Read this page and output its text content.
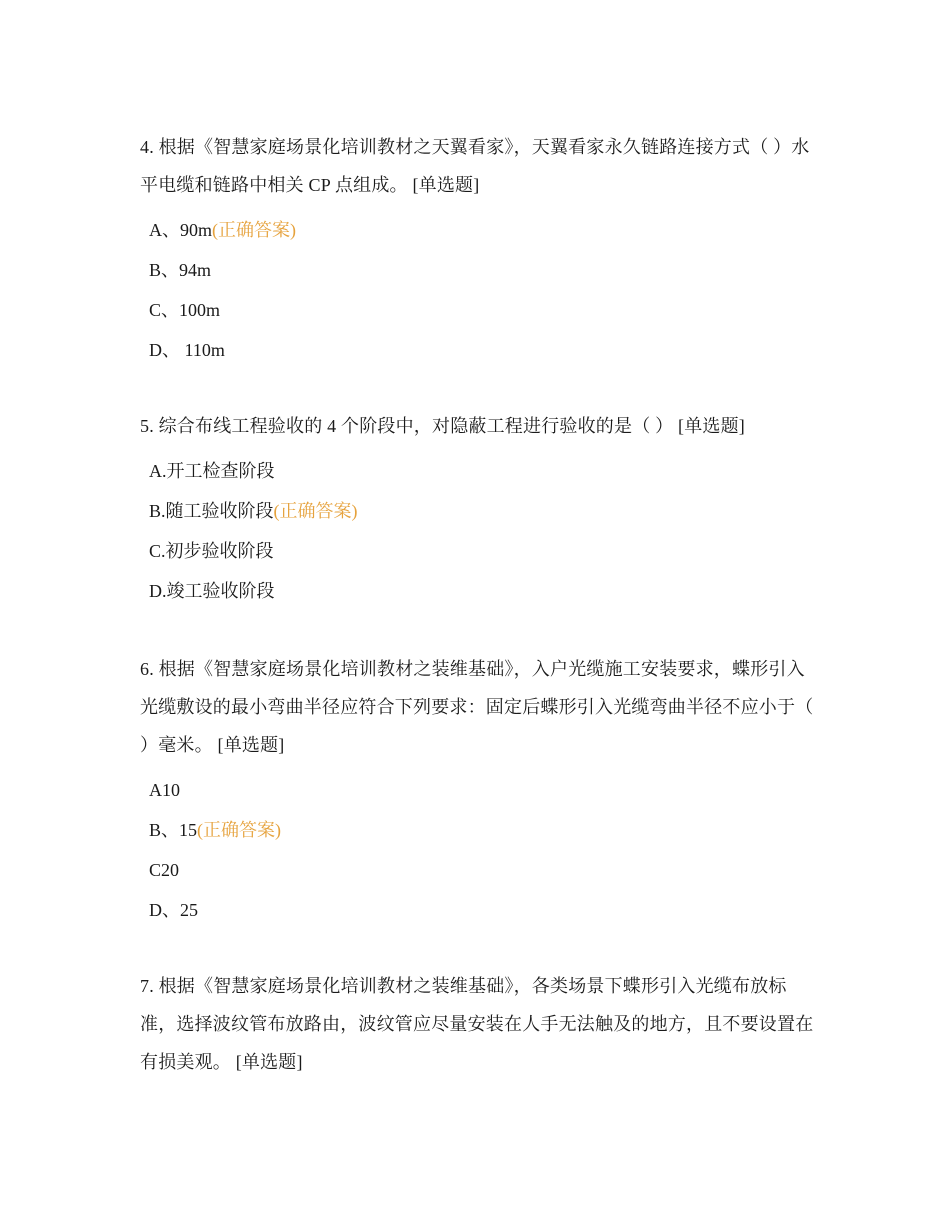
4. 根据《智慧家庭场景化培训教材之天翼看家》，天翼看家永久链路连接方式（ ）水平电缆和链路中相关 CP 点组成。 [单选题]

A、90m(正确答案)
B、94m
C、100m
D、 110m

5. 综合布线工程验收的 4 个阶段中，对隐蔽工程进行验收的是（ ） [单选题]

A.开工检查阶段
B.随工验收阶段(正确答案)
C.初步验收阶段
D.竣工验收阶段

6. 根据《智慧家庭场景化培训教材之装维基础》，入户光缆施工安装要求，蝶形引入光缆敷设的最小弯曲半径应符合下列要求：固定后蝶形引入光缆弯曲半径不应小于（ ）毫米。 [单选题]

A10
B、15(正确答案)
C20
D、25

7. 根据《智慧家庭场景化培训教材之装维基础》，各类场景下蝶形引入光缆布放标准，选择波纹管布放路由，波纹管应尽量安装在人手无法触及的地方，且不要设置在有损美观。 [单选题]
